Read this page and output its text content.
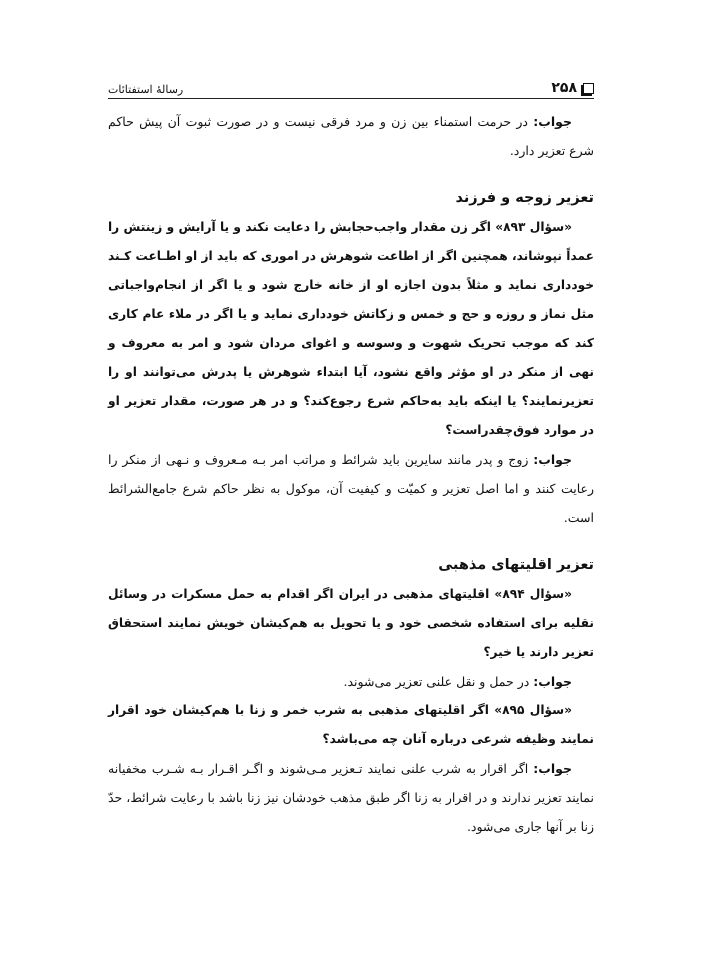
۲۵۸
رسالهٔ استفتائات

جواب: در حرمت استمناء بین زن و مرد فرقی نیست و در صورت ثبوت آن پیش حاکم شرع تعزیر دارد.

تعزیر زوجه و فرزند

«سؤال ۸۹۳» اگر زن مقدار واجب‌حجابش را دعایت نکند و یا آرایش و زینتش را عمداً نپوشاند، همچنین اگر از اطاعت شوهرش در اموری که باید از او اطـاعت کـند خودداری نماید و مثلاً بدون اجازه او از خانه خارج شود و یا اگر از انجام‌واجباتی مثل نماز و روزه و حج و خمس و زکاتش خودداری نماید و یا اگر در ملاء عام کاری کند که موجب تحریک شهوت و وسوسه و اغوای مردان شود و امر به معروف و نهی از منکر در او مؤثر واقع نشود، آیا ابتداء شوهرش یا پدرش می‌توانند او را تعزیرنمایند؟ یا اینکه باید به‌حاکم شرع رجوع‌کند؟ و در هر صورت، مقدار تعزیر او در موارد فوق‌چقدراست؟

جواب: زوج و پدر مانند سایرین باید شرائط و مراتب امر بـه مـعروف و نـهی از منکر را رعایت کنند و اما اصل تعزیر و کمیّت و کیفیت آن، موکول به نظر حاکم شرع جامع‌الشرائط است.

تعزیر اقلیتهای مذهبی

«سؤال ۸۹۴» اقلیتهای مذهبی در ایران اگر اقدام به حمل مسکرات در وسائل نقلیه برای استفاده شخصی خود و یا تحویل به هم‌کیشان خویش نمایند استحقاق تعزیر دارند یا خیر؟

جواب: در حمل و نقل علنی تعزیر می‌شوند.

«سؤال ۸۹۵» اگر اقلیتهای مذهبی به شرب خمر و زنا با هم‌کیشان خود اقرار نمایند وظیفه شرعی درباره آنان چه می‌باشد؟

جواب: اگر اقرار به شرب علنی نمایند تـعزیر مـی‌شوند و اگـر اقـرار بـه شـرب مخفیانه نمایند تعزیر ندارند و در اقرار به زنا اگر طبق مذهب خودشان نیز زنا باشد با رعایت شرائط، حدّ زنا بر آنها جاری می‌شود.
